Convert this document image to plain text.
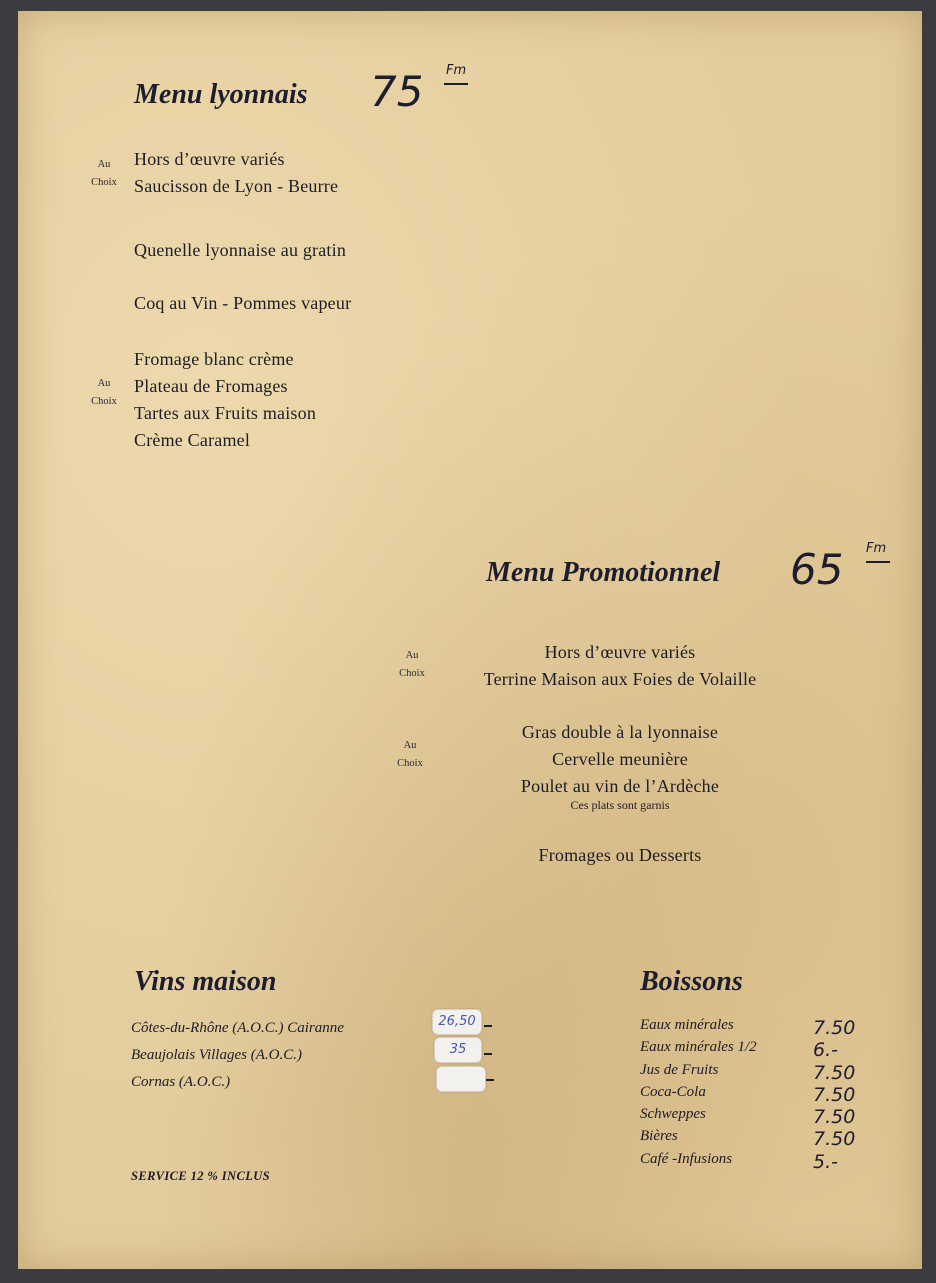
Menu lyonnais 75 Fm
Au
Choix
Hors d’œuvre variés
Saucisson de Lyon - Beurre
Quenelle lyonnaise au gratin
Coq au Vin - Pommes vapeur
Au
Choix
Fromage blanc crème
Plateau de Fromages
Tartes aux Fruits maison
Crème Caramel
Menu Promotionnel 65 Fm
Au
Choix
Hors d’œuvre variés
Terrine Maison aux Foies de Volaille
Au
Choix
Gras double à la lyonnaise
Cervelle meunière
Poulet au vin de l’Ardèche
Ces plats sont garnis
Fromages ou Desserts
Vins maison
Côtes-du-Rhône (A.O.C.) Cairanne
Beaujolais Villages (A.O.C.)
Cornas (A.O.C.)
26,50
35
SERVICE 12 % INCLUS
Boissons
Eaux minérales
Eaux minérales 1/2
Jus de Fruits
Coca-Cola
Schweppes
Bières
Café -Infusions
7.50
6.-
7.50
7.50
7.50
7.50
5.-
